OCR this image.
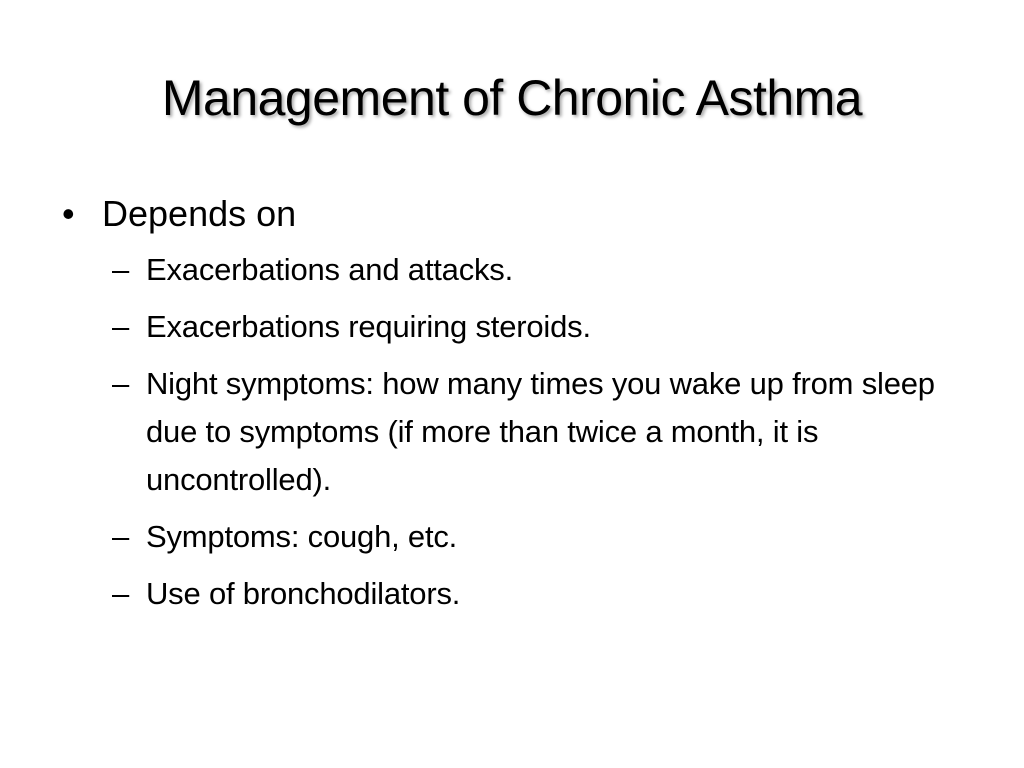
Management of Chronic Asthma
• Depends on
– Exacerbations and attacks.
– Exacerbations requiring steroids.
– Night symptoms: how many times you wake up from sleep due to symptoms (if more than twice a month, it is uncontrolled).
– Symptoms: cough, etc.
– Use of bronchodilators.
